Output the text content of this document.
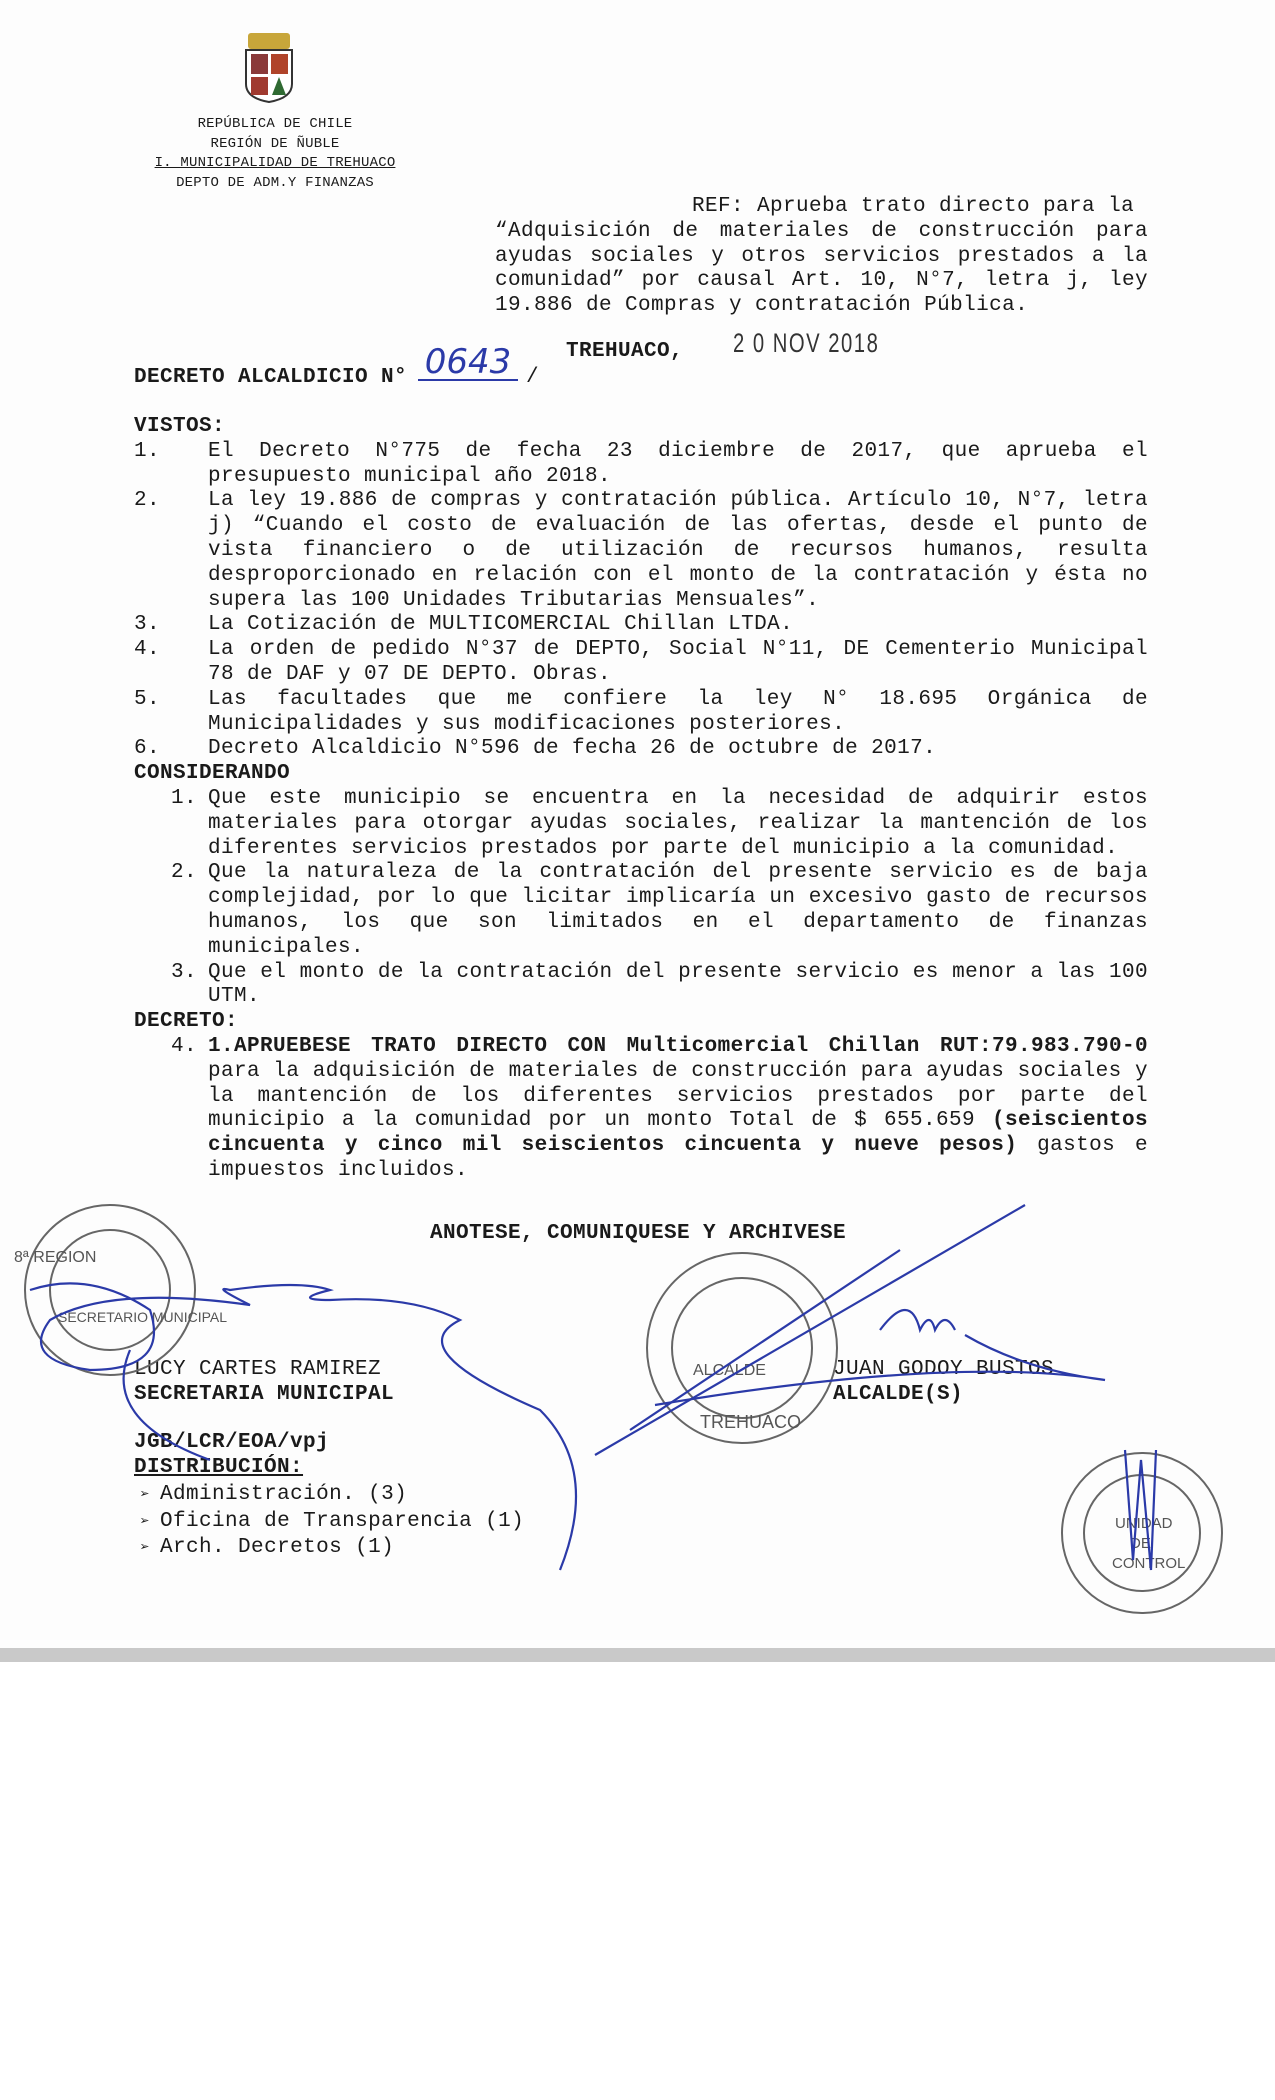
REPÚBLICA DE CHILE
REGIÓN DE ÑUBLE
I. MUNICIPALIDAD DE TREHUACO
DEPTO DE ADM.Y FINANZAS
REF: Aprueba trato directo para la
“Adquisición de materiales de construcción para ayudas sociales y otros servicios prestados a la comunidad” por causal Art. 10, N°7, letra j, ley 19.886 de Compras y contratación Pública.
TREHUACO, 2 0 NOV 2018
DECRETO ALCALDICIO N° 0643 /
VISTOS:
1.	El Decreto N°775 de fecha 23 diciembre de 2017, que aprueba el presupuesto municipal año 2018.
2.	La ley 19.886 de compras y contratación pública. Artículo 10, N°7, letra j) “Cuando el costo de evaluación de las ofertas, desde el punto de vista financiero o de utilización de recursos humanos, resulta desproporcionado en relación con el monto de la contratación y ésta no supera las 100 Unidades Tributarias Mensuales”.
3.	La Cotización de MULTICOMERCIAL Chillan LTDA.
4.	La orden de pedido N°37 de DEPTO, Social N°11, DE Cementerio Municipal 78 de DAF y 07 DE DEPTO. Obras.
5.	Las facultades que me confiere la ley N° 18.695 Orgánica de Municipalidades y sus modificaciones posteriores.
6.	Decreto Alcaldicio N°596 de fecha 26 de octubre de 2017.
CONSIDERANDO
1. Que este municipio se encuentra en la necesidad de adquirir estos materiales para otorgar ayudas sociales, realizar la mantención de los diferentes servicios prestados por parte del municipio a la comunidad.
2. Que la naturaleza de la contratación del presente servicio es de baja complejidad, por lo que licitar implicaría un excesivo gasto de recursos humanos, los que son limitados en el departamento de finanzas municipales.
3. Que el monto de la contratación del presente servicio es menor a las 100 UTM.
DECRETO:
4. 1.APRUEBESE TRATO DIRECTO CON Multicomercial Chillan RUT:79.983.790-0 para la adquisición de materiales de construcción para ayudas sociales y la mantención de los diferentes servicios prestados por parte del municipio a la comunidad por un monto Total de $ 655.659 (seiscientos cincuenta y cinco mil seiscientos cincuenta y nueve pesos) gastos e impuestos incluidos.
ANOTESE, COMUNIQUESE Y ARCHIVESE
LUCY CARTES RAMIREZ
SECRETARIA MUNICIPAL
JUAN GODOY BUSTOS
ALCALDE(S)
JGB/LCR/EOA/vpj
DISTRIBUCIÓN:
➢ Administración. (3)
➢ Oficina de Transparencia (1)
➢ Arch. Decretos (1)
SECRETARIO MUNICIPAL
8ª REGION
ALCALDE
TREHUACO
UNIDAD
DE
CONTROL
